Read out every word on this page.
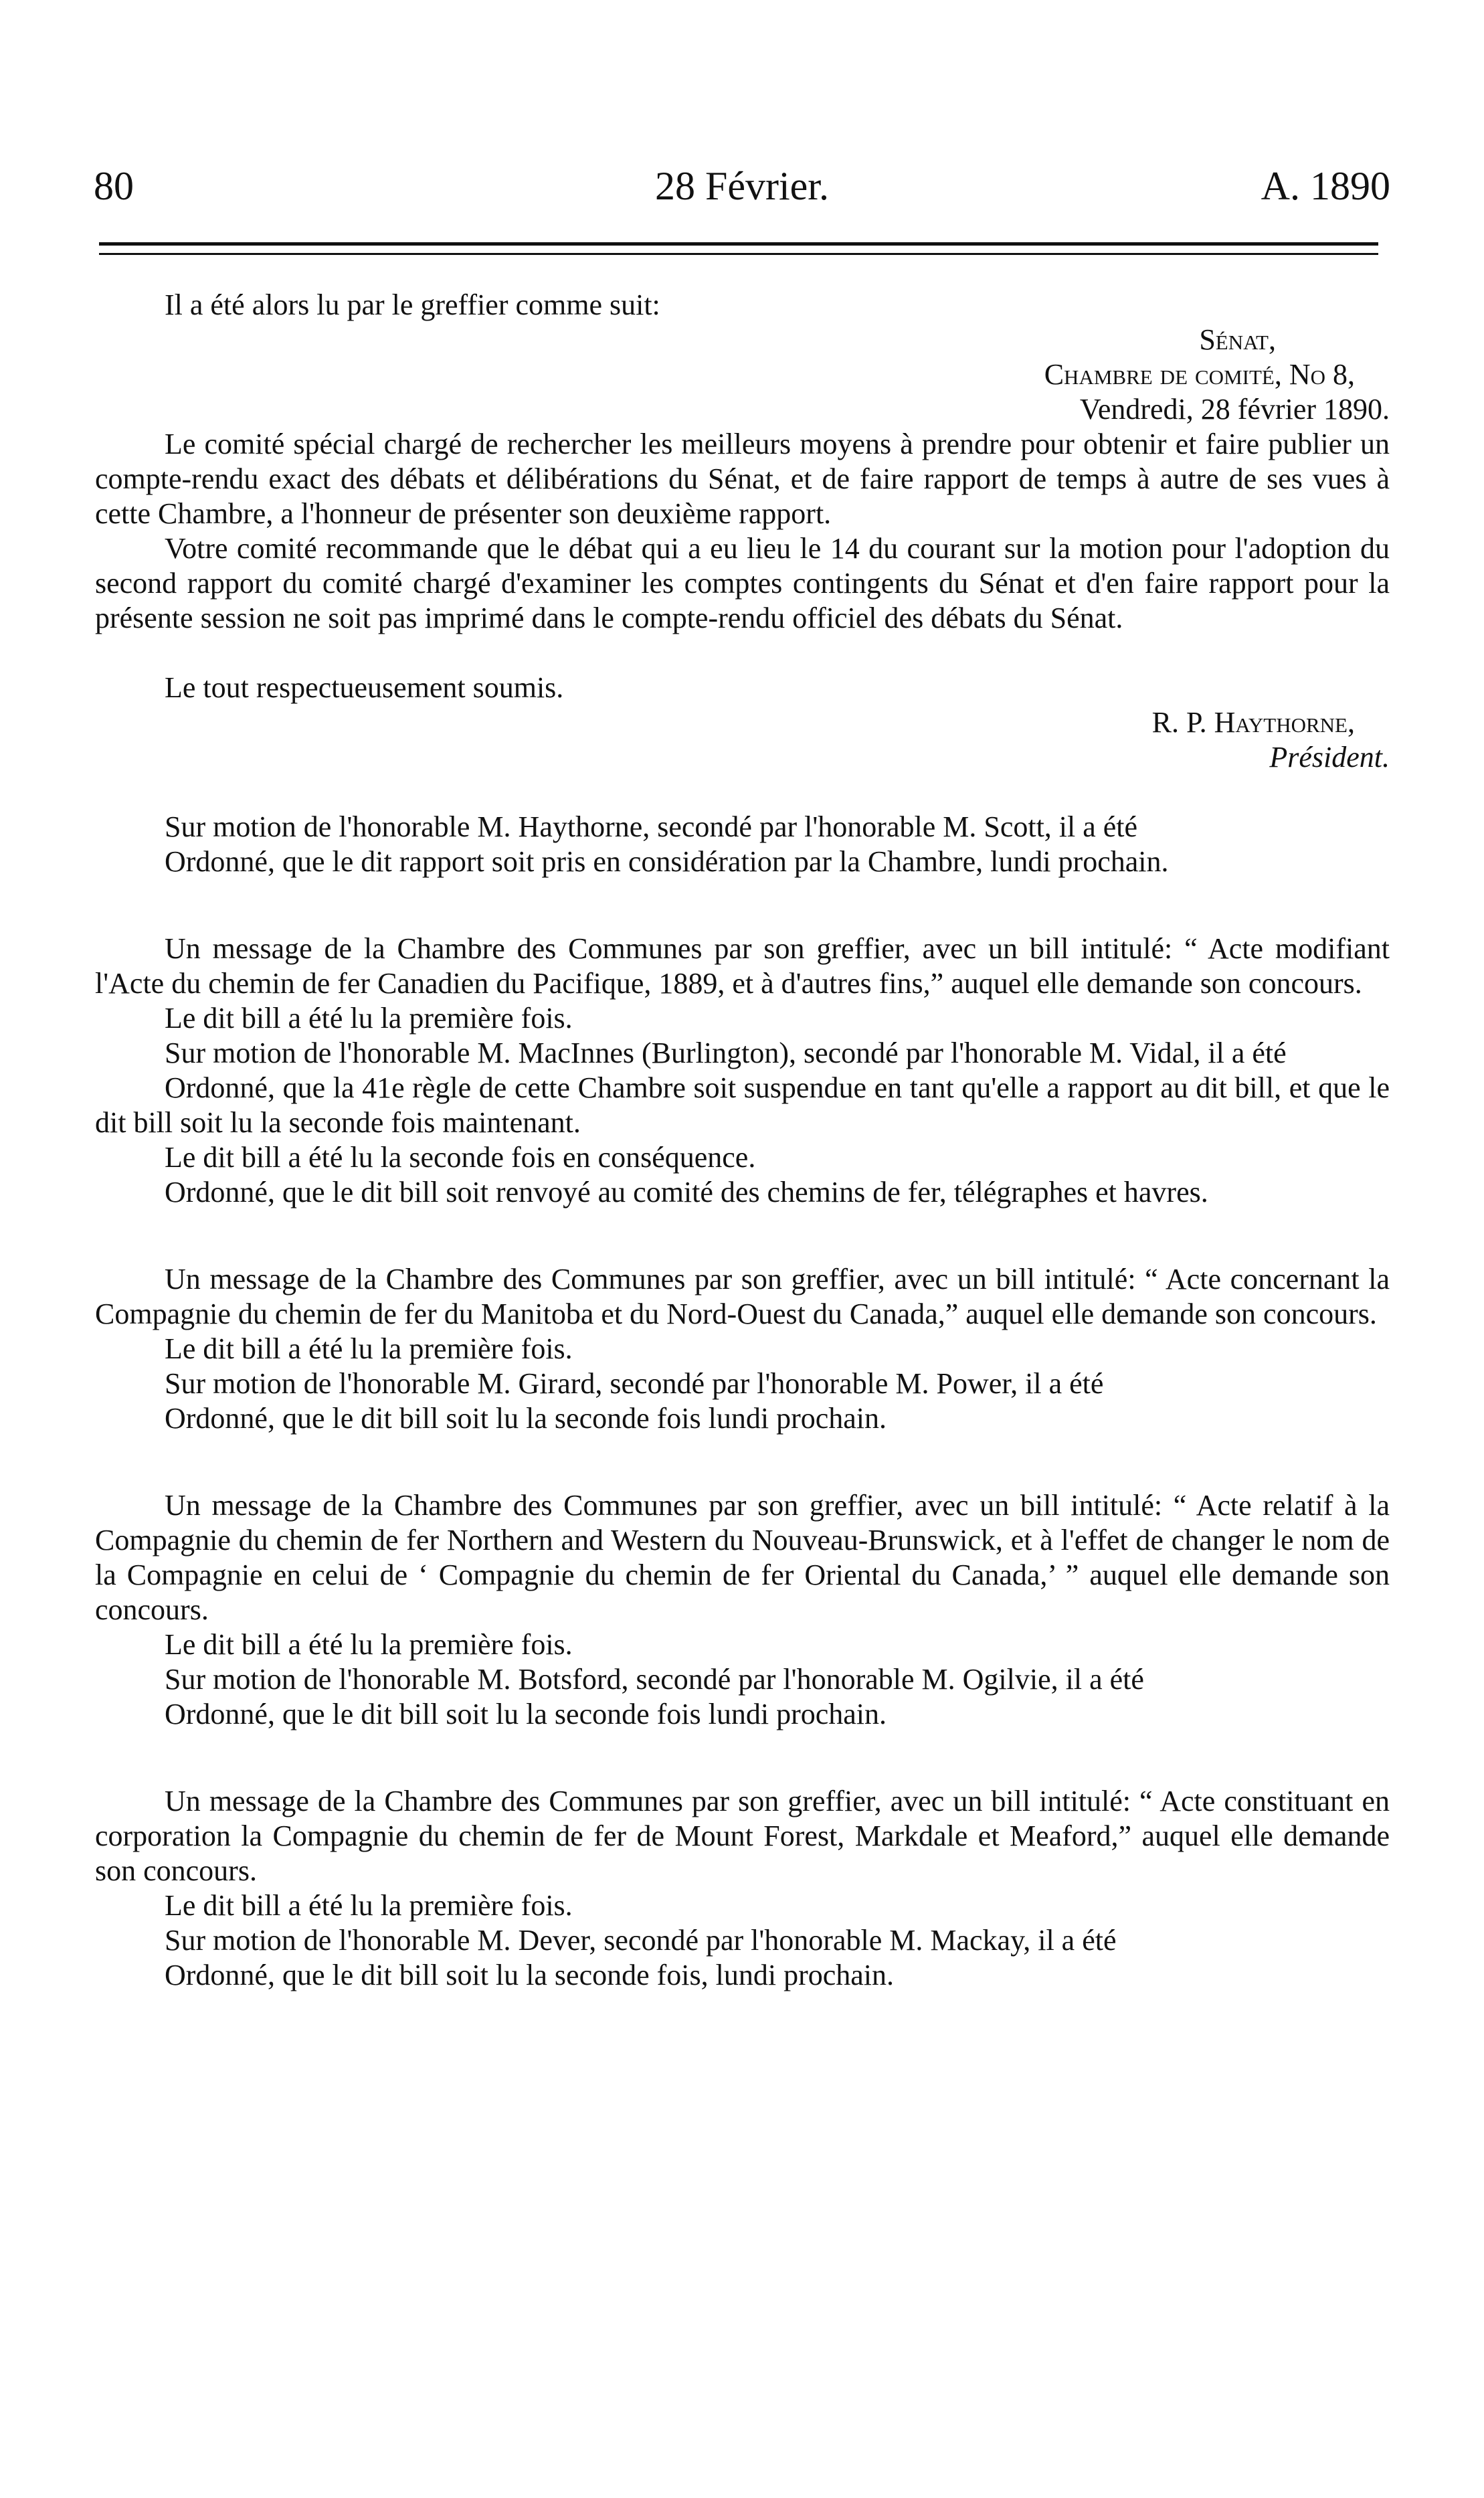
80	28 Février.	A. 1890

Il a été alors lu par le greffier comme suit:

Sénat,

Chambre de comité, No 8,

Vendredi, 28 février 1890.

Le comité spécial chargé de rechercher les meilleurs moyens à prendre pour obtenir et faire publier un compte-rendu exact des débats et délibérations du Sénat, et de faire rapport de temps à autre de ses vues à cette Chambre, a l'honneur de présenter son deuxième rapport.

Votre comité recommande que le débat qui a eu lieu le 14 du courant sur la motion pour l'adoption du second rapport du comité chargé d'examiner les comptes contingents du Sénat et d'en faire rapport pour la présente session ne soit pas imprimé dans le compte-rendu officiel des débats du Sénat.

Le tout respectueusement soumis.

R. P. Haythorne,

Président.

Sur motion de l'honorable M. Haythorne, secondé par l'honorable M. Scott, il a été

Ordonné, que le dit rapport soit pris en considération par la Chambre, lundi prochain.

Un message de la Chambre des Communes par son greffier, avec un bill intitulé: “ Acte modifiant l'Acte du chemin de fer Canadien du Pacifique, 1889, et à d'autres fins,” auquel elle demande son concours.

Le dit bill a été lu la première fois.

Sur motion de l'honorable M. MacInnes (Burlington), secondé par l'honorable M. Vidal, il a été

Ordonné, que la 41e règle de cette Chambre soit suspendue en tant qu'elle a rapport au dit bill, et que le dit bill soit lu la seconde fois maintenant.

Le dit bill a été lu la seconde fois en conséquence.

Ordonné, que le dit bill soit renvoyé au comité des chemins de fer, télégraphes et havres.

Un message de la Chambre des Communes par son greffier, avec un bill intitulé: “ Acte concernant la Compagnie du chemin de fer du Manitoba et du Nord-Ouest du Canada,” auquel elle demande son concours.

Le dit bill a été lu la première fois.

Sur motion de l'honorable M. Girard, secondé par l'honorable M. Power, il a été

Ordonné, que le dit bill soit lu la seconde fois lundi prochain.

Un message de la Chambre des Communes par son greffier, avec un bill intitulé: “ Acte relatif à la Compagnie du chemin de fer Northern and Western du Nouveau-Brunswick, et à l'effet de changer le nom de la Compagnie en celui de ‘ Compagnie du chemin de fer Oriental du Canada,’ ” auquel elle demande son concours.

Le dit bill a été lu la première fois.

Sur motion de l'honorable M. Botsford, secondé par l'honorable M. Ogilvie, il a été

Ordonné, que le dit bill soit lu la seconde fois lundi prochain.

Un message de la Chambre des Communes par son greffier, avec un bill intitulé: “ Acte constituant en corporation la Compagnie du chemin de fer de Mount Forest, Markdale et Meaford,” auquel elle demande son concours.

Le dit bill a été lu la première fois.

Sur motion de l'honorable M. Dever, secondé par l'honorable M. Mackay, il a été

Ordonné, que le dit bill soit lu la seconde fois, lundi prochain.
